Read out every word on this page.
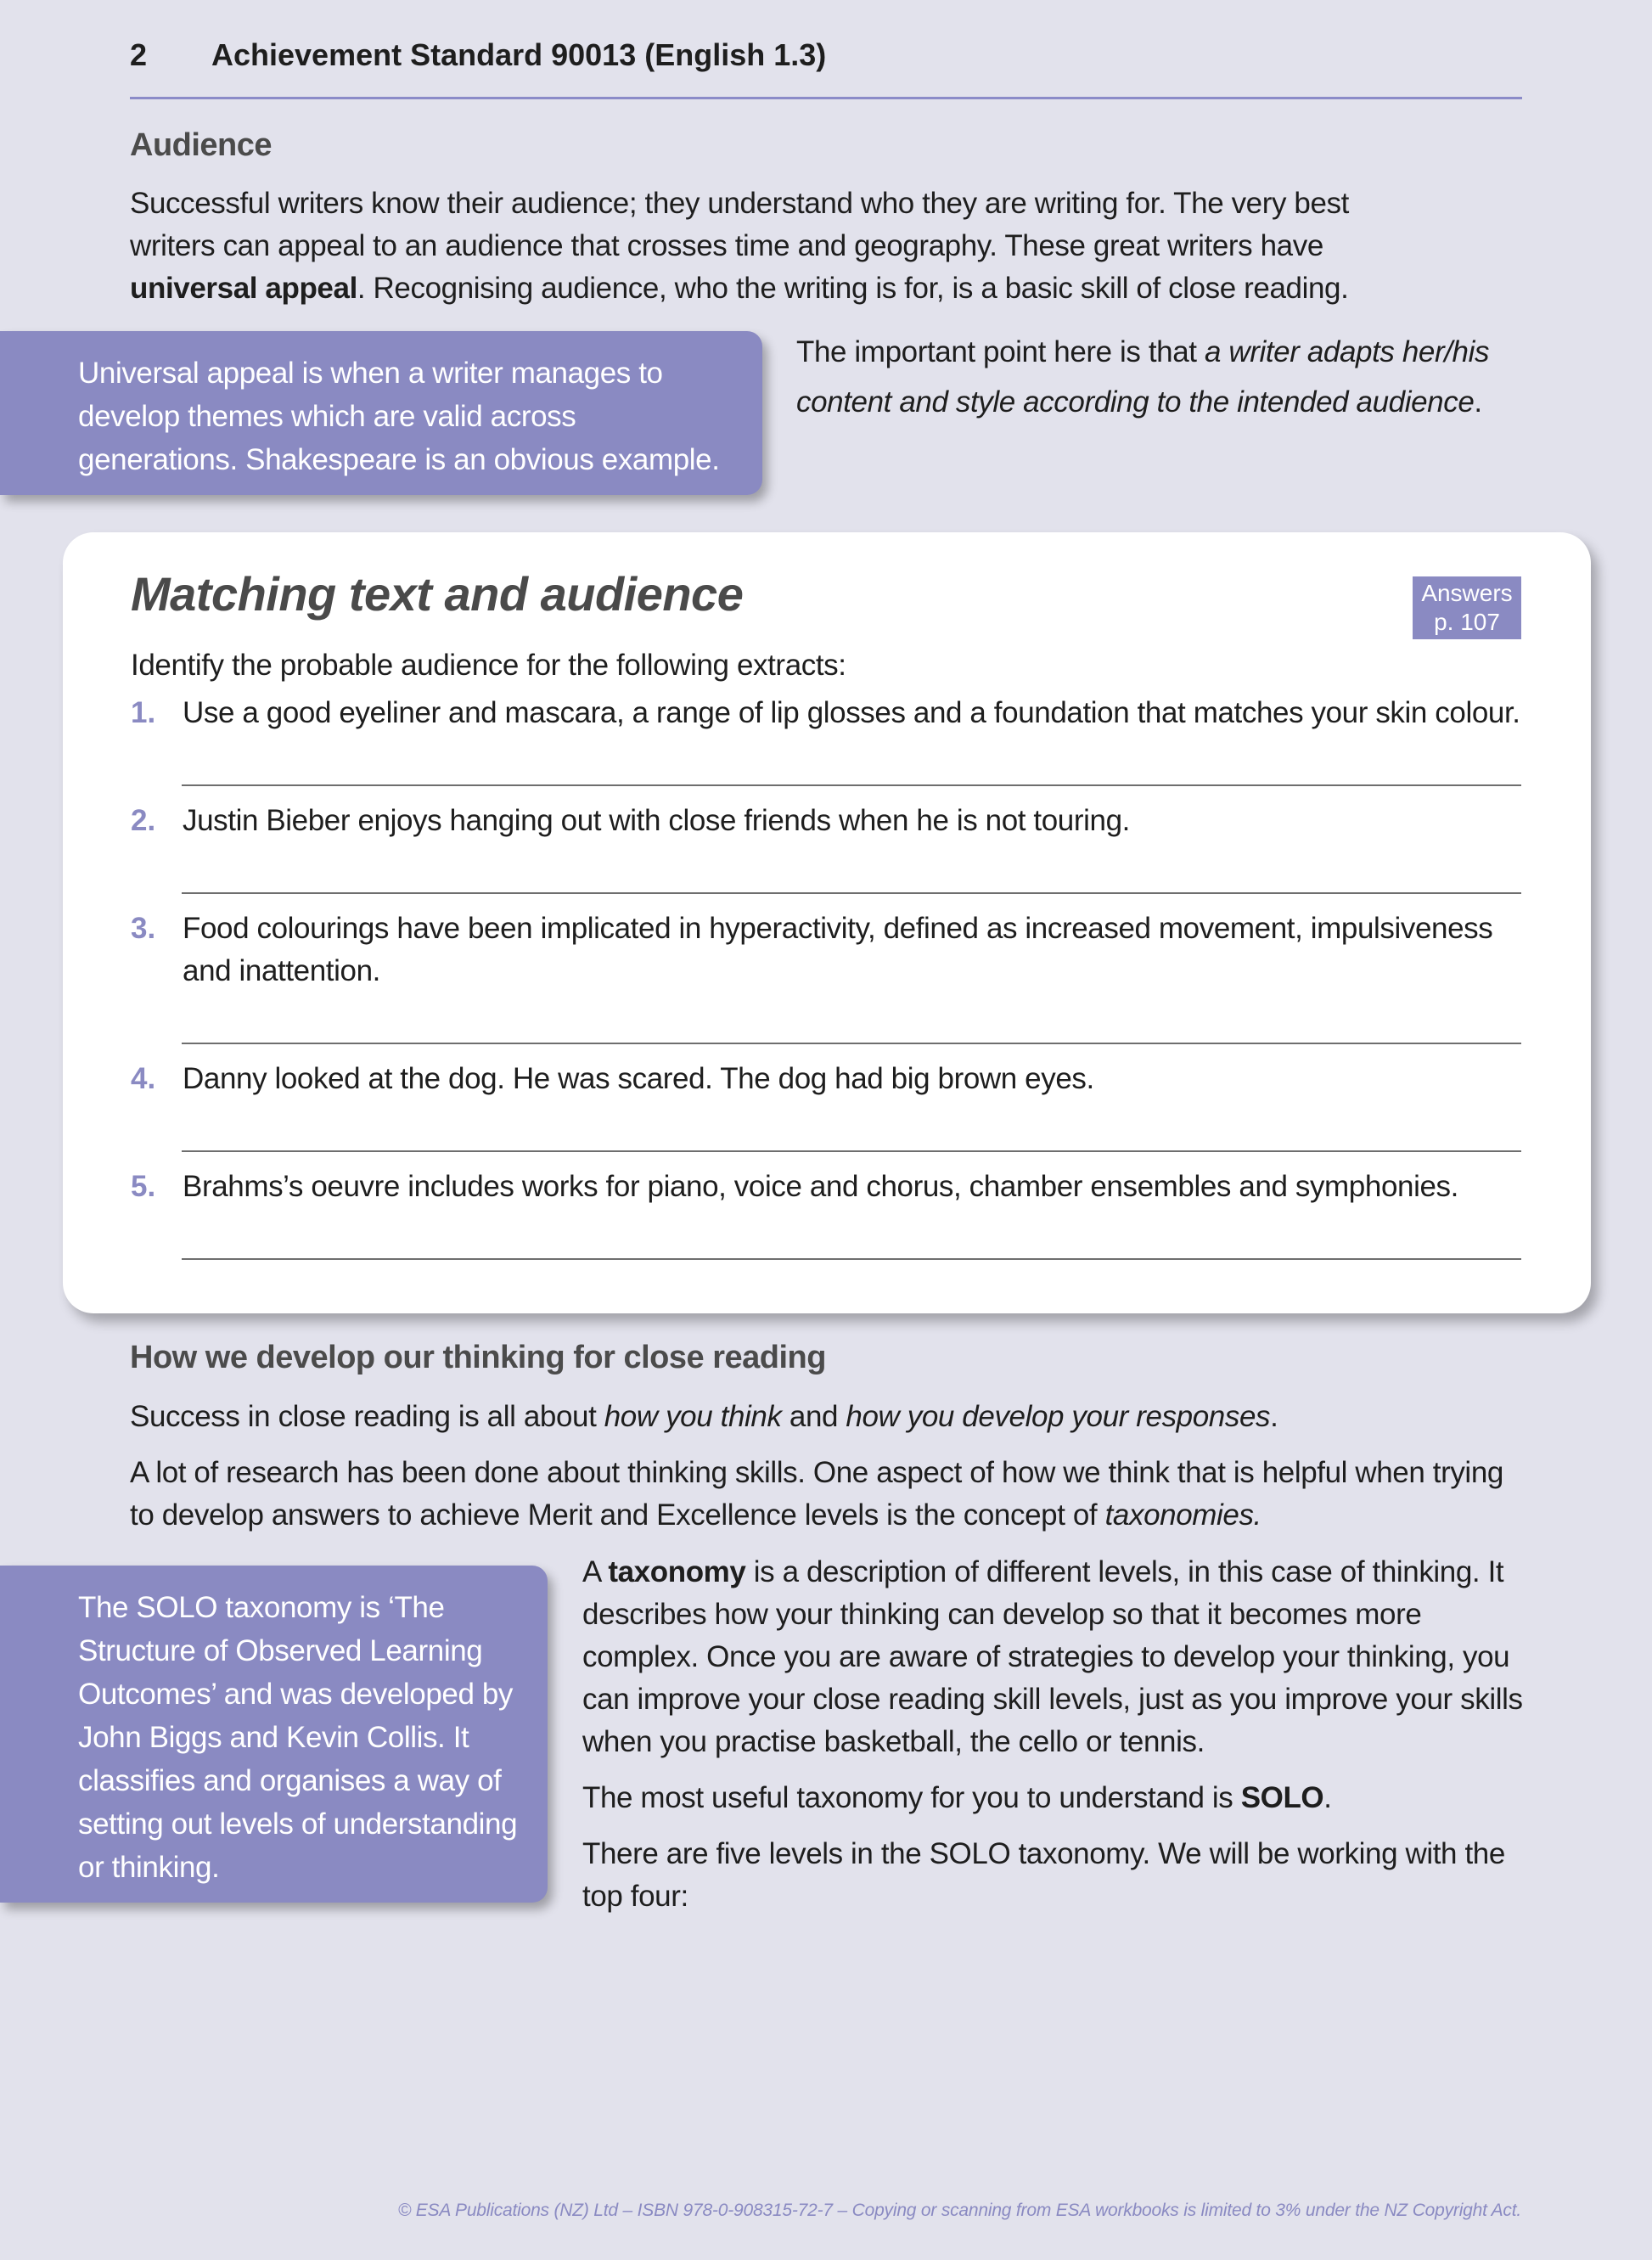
2 Achievement Standard 90013 (English 1.3)
Audience
Successful writers know their audience; they understand who they are writing for. The very best writers can appeal to an audience that crosses time and geography. These great writers have universal appeal. Recognising audience, who the writing is for, is a basic skill of close reading.
Universal appeal is when a writer manages to develop themes which are valid across generations. Shakespeare is an obvious example.
The important point here is that a writer adapts her/his content and style according to the intended audience.
Matching text and audience	Answers
p. 107
Identify the probable audience for the following extracts:
1. Use a good eyeliner and mascara, a range of lip glosses and a foundation that matches your skin colour.
2. Justin Bieber enjoys hanging out with close friends when he is not touring.
3. Food colourings have been implicated in hyperactivity, defined as increased movement, impulsiveness and inattention.
4. Danny looked at the dog. He was scared. The dog had big brown eyes.
5. Brahms’s oeuvre includes works for piano, voice and chorus, chamber ensembles and symphonies.
How we develop our thinking for close reading

Success in close reading is all about how you think and how you develop your responses.

A lot of research has been done about thinking skills. One aspect of how we think that is helpful when trying to develop answers to achieve Merit and Excellence levels is the concept of taxonomies.

The SOLO taxonomy is ‘The Structure of Observed Learning Outcomes’ and was developed by John Biggs and Kevin Collis. It classifies and organises a way of setting out levels of understanding or thinking.

A taxonomy is a description of different levels, in this case of thinking. It describes how your thinking can develop so that it becomes more complex. Once you are aware of strategies to develop your thinking, you can improve your close reading skill levels, just as you improve your skills when you practise basketball, the cello or tennis.

The most useful taxonomy for you to understand is SOLO.

There are five levels in the SOLO taxonomy. We will be working with the top four:

© ESA Publications (NZ) Ltd – ISBN 978-0-908315-72-7 – Copying or scanning from ESA workbooks is limited to 3% under the NZ Copyright Act.
